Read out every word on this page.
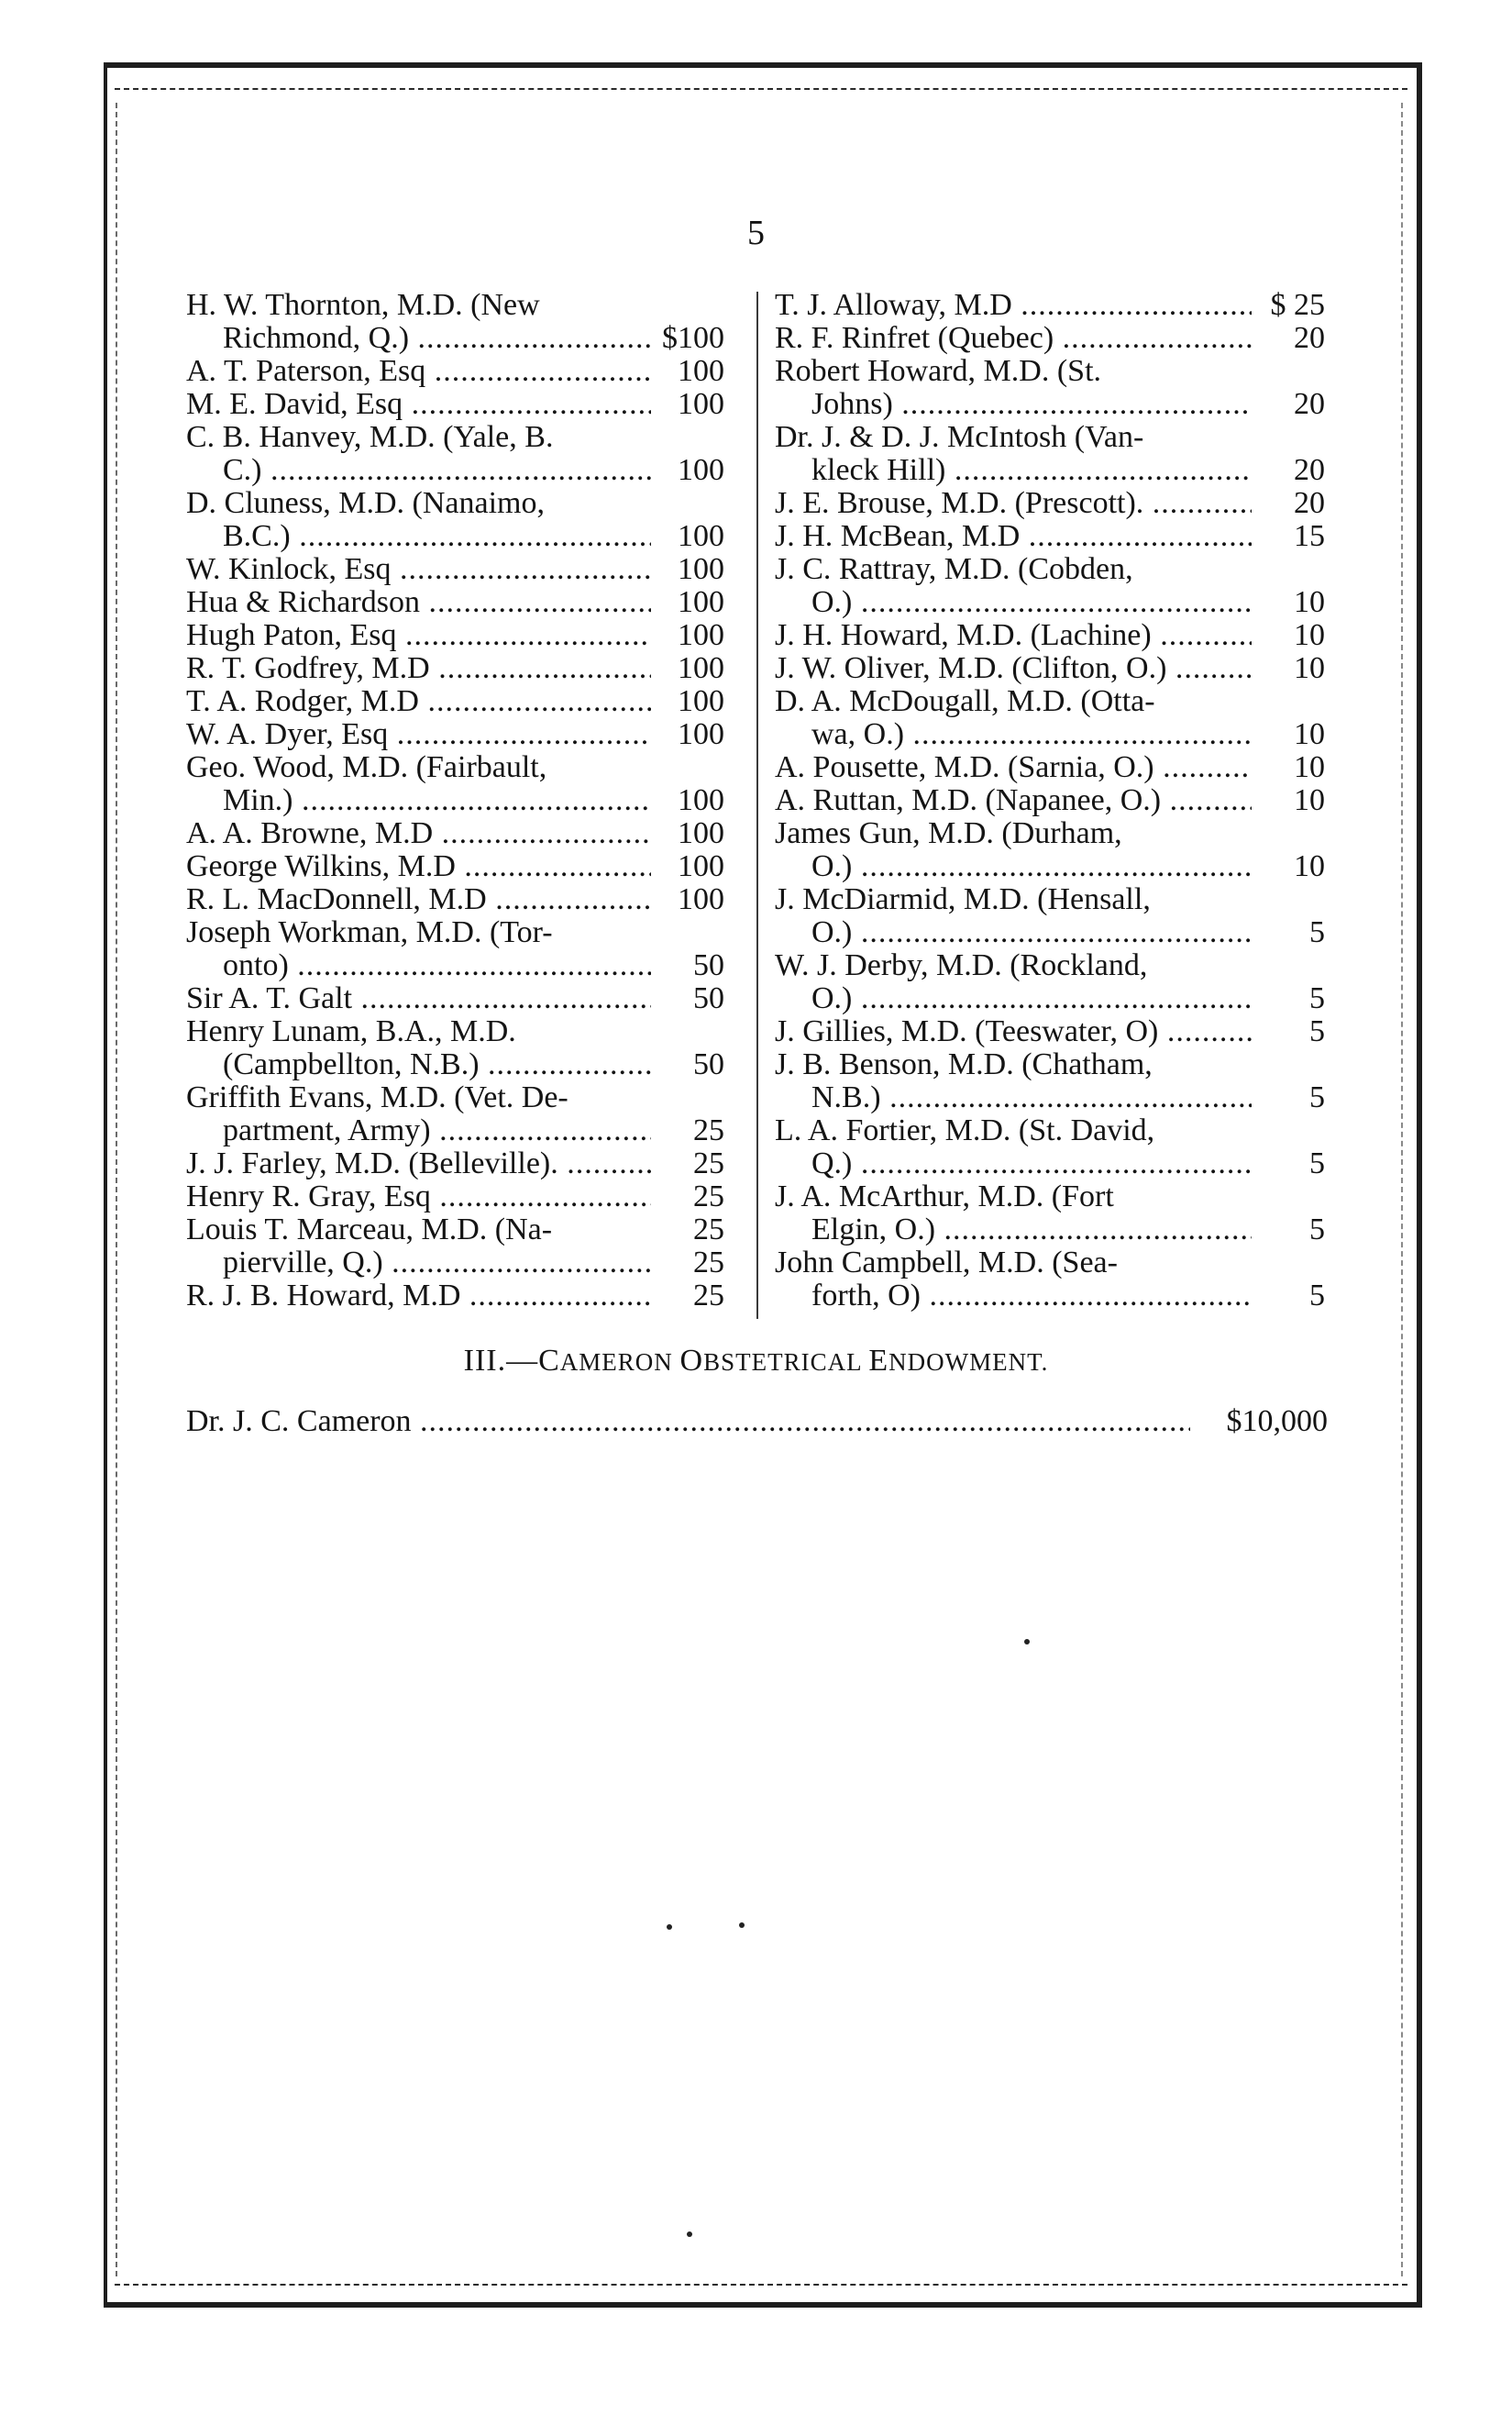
5
H. W. Thornton, M.D. (New
Richmond, Q.) .....	$100
A. T. Paterson, Esq .....	100
M. E. David, Esq .....	100
C. B. Hanvey, M.D. (Yale, B.
C.) .....	100
D. Cluness, M.D. (Nanaimo,
B.C.) .....	100
W. Kinlock, Esq .....	100
Hua & Richardson .....	100
Hugh Paton, Esq .....	100
R. T. Godfrey, M.D .....	100
T. A. Rodger, M.D .....	100
W. A. Dyer, Esq .....	100
Geo. Wood, M.D. (Fairbault,
Min.) .....	100
A. A. Browne, M.D .....	100
George Wilkins, M.D .....	100
R. L. MacDonnell, M.D .....	100
Joseph Workman, M.D. (Tor-
onto) .....	50
Sir A. T. Galt .....	50
Henry Lunam, B.A., M.D.
(Campbellton, N.B.) .....	50
Griffith Evans, M.D. (Vet. De-
partment, Army) .....	25
J. J. Farley, M.D. (Belleville). .....	25
Henry R. Gray, Esq .....	25
Louis T. Marceau, M.D. (Na-	25
pierville, Q.) .....	25
R. J. B. Howard, M.D .....	25
T. J. Alloway, M.D .....	$ 25
R. F. Rinfret (Quebec) .....	20
Robert Howard, M.D. (St.
Johns) .....	20
Dr. J. & D. J. McIntosh (Van-
kleck Hill) .....	20
J. E. Brouse, M.D. (Prescott). .....	20
J. H. McBean, M.D .....	15
J. C. Rattray, M.D. (Cobden,
O.) .....	10
J. H. Howard, M.D. (Lachine) .....	10
J. W. Oliver, M.D. (Clifton, O.) .....	10
D. A. McDougall, M.D. (Otta-
wa, O.) .....	10
A. Pousette, M.D. (Sarnia, O.) .....	10
A. Ruttan, M.D. (Napanee, O.) .....	10
James Gun, M.D. (Durham,
O.) .....	10
J. McDiarmid, M.D. (Hensall,
O.) .....	5
W. J. Derby, M.D. (Rockland,
O.) .....	5
J. Gillies, M.D. (Teeswater, O) .....	5
J. B. Benson, M.D. (Chatham,
N.B.) .....	5
L. A. Fortier, M.D. (St. David,
Q.) .....	5
J. A. McArthur, M.D. (Fort
Elgin, O.) .....	5
John Campbell, M.D. (Sea-
forth, O) .....	5
III.—CAMERON OBSTETRICAL ENDOWMENT.
Dr. J. C. Cameron .....	$10,000
